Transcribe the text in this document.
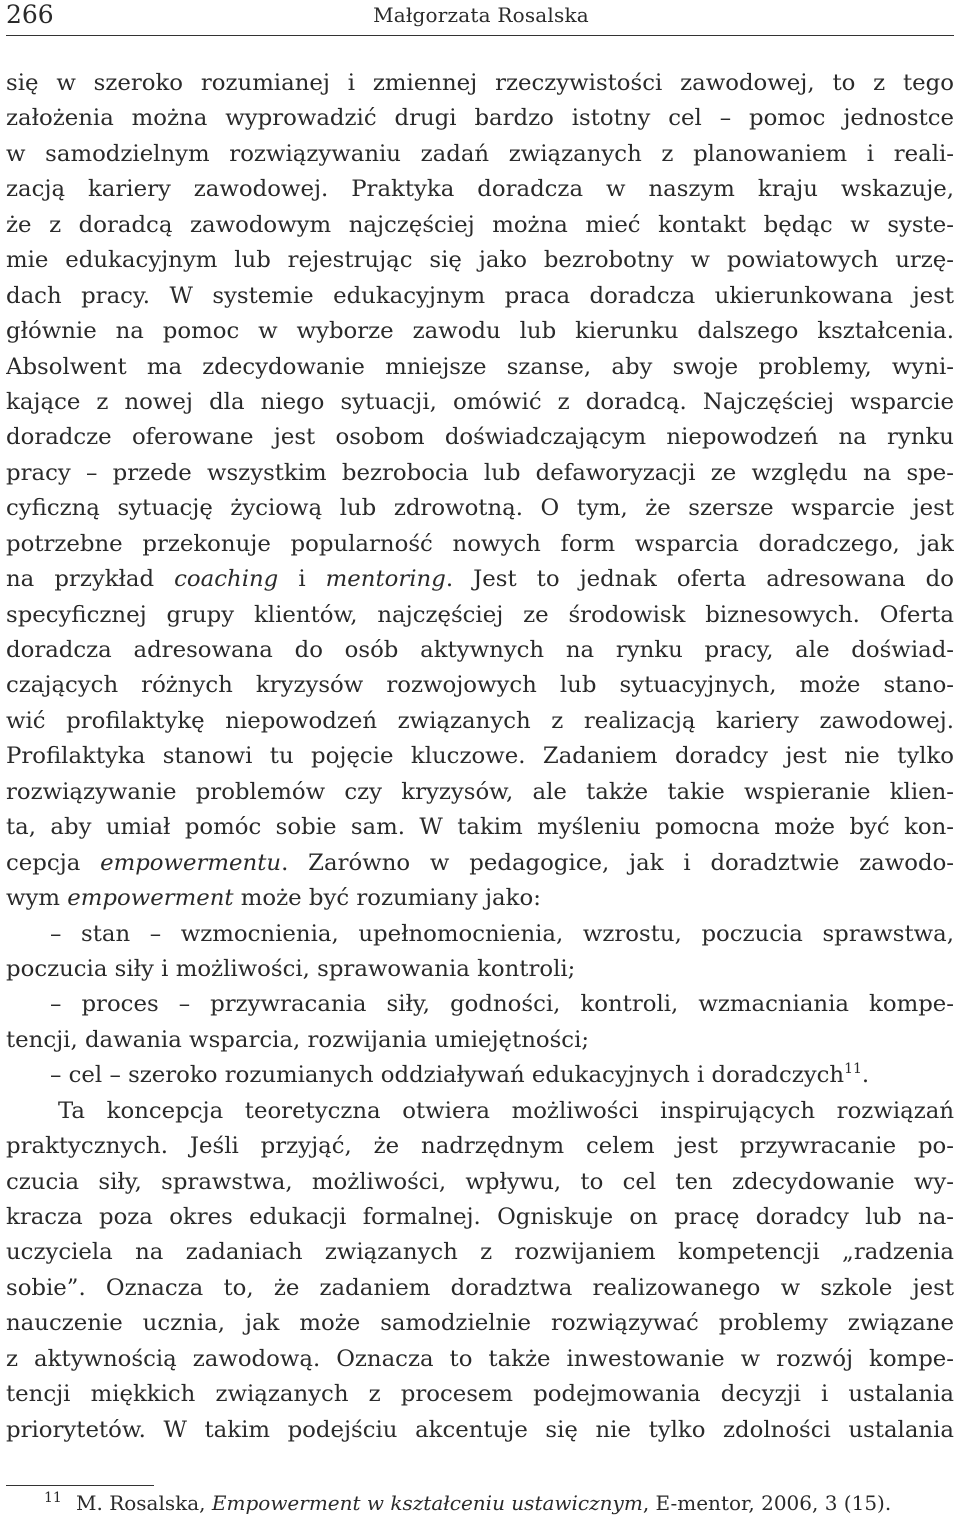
266	Małgorzata Rosalska
się w szeroko rozumianej i zmiennej rzeczywistości zawodowej, to z tego
założenia można wyprowadzić drugi bardzo istotny cel – pomoc jednostce
w samodzielnym rozwiązywaniu zadań związanych z planowaniem i reali-
zacją kariery zawodowej. Praktyka doradcza w naszym kraju wskazuje,
że z doradcą zawodowym najczęściej można mieć kontakt będąc w syste-
mie edukacyjnym lub rejestrując się jako bezrobotny w powiatowych urzę-
dach pracy. W systemie edukacyjnym praca doradcza ukierunkowana jest
głównie na pomoc w wyborze zawodu lub kierunku dalszego kształcenia.
Absolwent ma zdecydowanie mniejsze szanse, aby swoje problemy, wyni-
kające z nowej dla niego sytuacji, omówić z doradcą. Najczęściej wsparcie
doradcze oferowane jest osobom doświadczającym niepowodzeń na rynku
pracy – przede wszystkim bezrobocia lub defaworyzacji ze względu na spe-
cyficzną sytuację życiową lub zdrowotną. O tym, że szersze wsparcie jest
potrzebne przekonuje popularność nowych form wsparcia doradczego, jak
na przykład coaching i mentoring. Jest to jednak oferta adresowana do
specyficznej grupy klientów, najczęściej ze środowisk biznesowych. Oferta
doradcza adresowana do osób aktywnych na rynku pracy, ale doświad-
czających różnych kryzysów rozwojowych lub sytuacyjnych, może stano-
wić profilaktykę niepowodzeń związanych z realizacją kariery zawodowej.
Profilaktyka stanowi tu pojęcie kluczowe. Zadaniem doradcy jest nie tylko
rozwiązywanie problemów czy kryzysów, ale także takie wspieranie klien-
ta, aby umiał pomóc sobie sam. W takim myśleniu pomocna może być kon-
cepcja empowermentu. Zarówno w pedagogice, jak i doradztwie zawodo-
wym empowerment może być rozumiany jako:
– stan – wzmocnienia, upełnomocnienia, wzrostu, poczucia sprawstwa,
poczucia siły i możliwości, sprawowania kontroli;
– proces – przywracania siły, godności, kontroli, wzmacniania kompe-
tencji, dawania wsparcia, rozwijania umiejętności;
– cel – szeroko rozumianych oddziaływań edukacyjnych i doradczych$^{11}$.
Ta koncepcja teoretyczna otwiera możliwości inspirujących rozwiązań
praktycznych. Jeśli przyjąć, że nadrzędnym celem jest przywracanie po-
czucia siły, sprawstwa, możliwości, wpływu, to cel ten zdecydowanie wy-
kracza poza okres edukacji formalnej. Ogniskuje on pracę doradcy lub na-
uczyciela na zadaniach związanych z rozwijaniem kompetencji „radzenia
sobie”. Oznacza to, że zadaniem doradztwa realizowanego w szkole jest
nauczenie ucznia, jak może samodzielnie rozwiązywać problemy związane
z aktywnością zawodową. Oznacza to także inwestowanie w rozwój kompe-
tencji miękkich związanych z procesem podejmowania decyzji i ustalania
priorytetów. W takim podejściu akcentuje się nie tylko zdolności ustalania
11 M. Rosalska, Empowerment w kształceniu ustawicznym, E-mentor, 2006, 3 (15).
